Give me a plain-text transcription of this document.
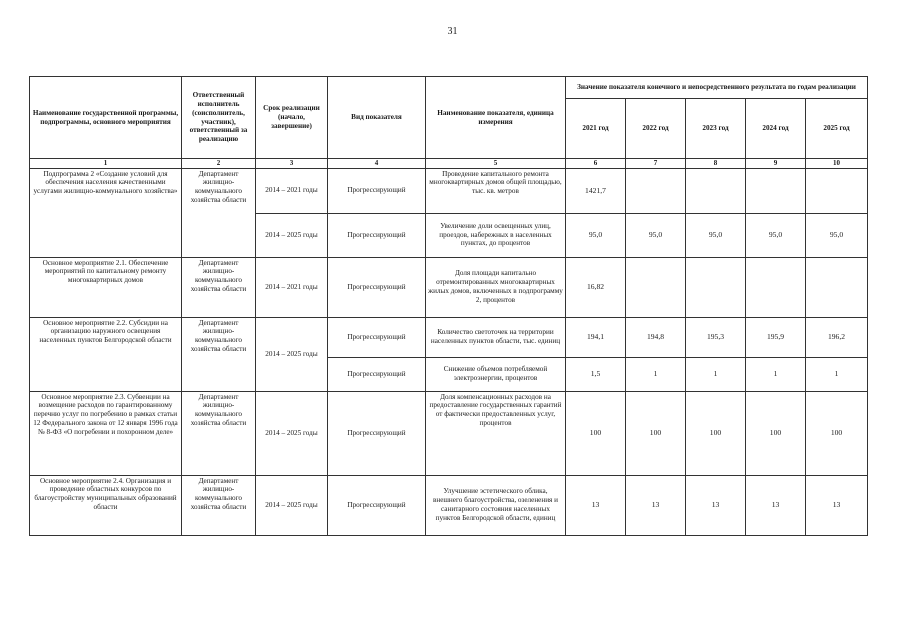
31
Наименование государственной программы, подпрограммы, основного мероприятия	Ответственный исполнитель (соисполнитель, участник), ответственный за реализацию	Срок реализации (начало, завершение)	Вид показателя	Наименование показателя, единица измерения	Значение показателя конечного и непосредственного результата по годам реализации				
					2021 год	2022 год	2023 год	2024 год	2025 год
1	2	3	4	5	6	7	8	9	10
Подпрограмма 2 «Создание условий для обеспечения населения качественными услугами жилищно-коммунального хозяйства»	Департамент жилищно-коммунального хозяйства области	2014 – 2021 годы	Прогрессирующий	Проведение капитального ремонта многоквартирных домов общей площадью, тыс. кв. метров	1421,7				
		2014 – 2025 годы	Прогрессирующий	Увеличение доли освещенных улиц, проездов, набережных в населенных пунктах, до процентов	95,0	95,0	95,0	95,0	95,0
Основное мероприятие 2.1. Обеспечение мероприятий по капитальному ремонту многоквартирных домов	Департамент жилищно-коммунального хозяйства области	2014 – 2021 годы	Прогрессирующий	Доля площади капитально отремонтированных многоквартирных жилых домов, включенных в подпрограмму 2, процентов	16,82				
Основное мероприятие 2.2. Субсидии на организацию наружного освещения населенных пунктов Белгородской области	Департамент жилищно-коммунального хозяйства области	2014 – 2025 годы	Прогрессирующий	Количество светоточек на территории населенных пунктов области, тыс. единиц	194,1	194,8	195,3	195,9	196,2
			Прогрессирующий	Снижение объемов потребляемой электроэнергии, процентов	1,5	1	1	1	1
Основное мероприятие 2.3. Субвенции на возмещение расходов по гарантированному перечню услуг по погребению в рамках статьи 12 Федерального закона от 12 января 1996 года № 8-ФЗ «О погребении и похоронном деле»	Департамент жилищно-коммунального хозяйства области	2014 – 2025 годы	Прогрессирующий	Доля компенсационных расходов на предоставление государственных гарантий от фактически предоставленных услуг, процентов	100	100	100	100	100
Основное мероприятие 2.4. Организация и проведение областных конкурсов по благоустройству муниципальных образований области	Департамент жилищно-коммунального хозяйства области	2014 – 2025 годы	Прогрессирующий	Улучшение эстетического облика, внешнего благоустройства, озеленения и санитарного состояния населенных пунктов Белгородской области, единиц	13	13	13	13	13
